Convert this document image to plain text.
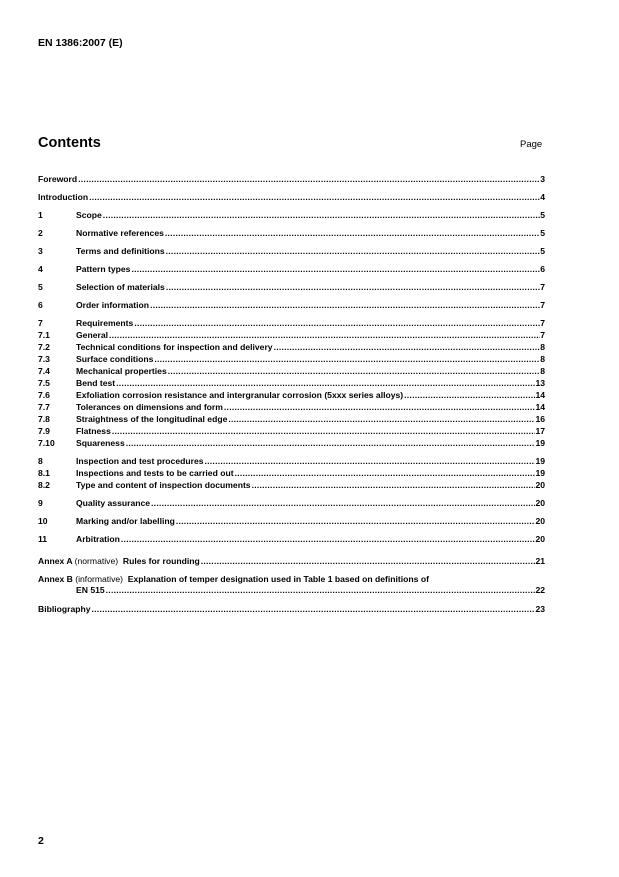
EN 1386:2007 (E)
Contents	Page
Foreword .....	3
Introduction .....	4
1	Scope .....	5
2	Normative references .....	5
3	Terms and definitions .....	5
4	Pattern types .....	6
5	Selection of materials .....	7
6	Order information .....	7
7	Requirements .....	7
7.1	General .....	7
7.2	Technical conditions for inspection and delivery .....	8
7.3	Surface conditions .....	8
7.4	Mechanical properties .....	8
7.5	Bend test .....	13
7.6	Exfoliation corrosion resistance and intergranular corrosion (5xxx series alloys) .....	14
7.7	Tolerances on dimensions and form .....	14
7.8	Straightness of the longitudinal edge .....	16
7.9	Flatness .....	17
7.10	Squareness .....	19
8	Inspection and test procedures .....	19
8.1	Inspections and tests to be carried out .....	19
8.2	Type and content of inspection documents .....	20
9	Quality assurance .....	20
10	Marking and/or labelling .....	20
11	Arbitration .....	20
Annex A (normative) Rules for rounding .....	21
Annex B (informative) Explanation of temper designation used in Table 1 based on definitions of
EN 515 .....	22
Bibliography .....	23
2
